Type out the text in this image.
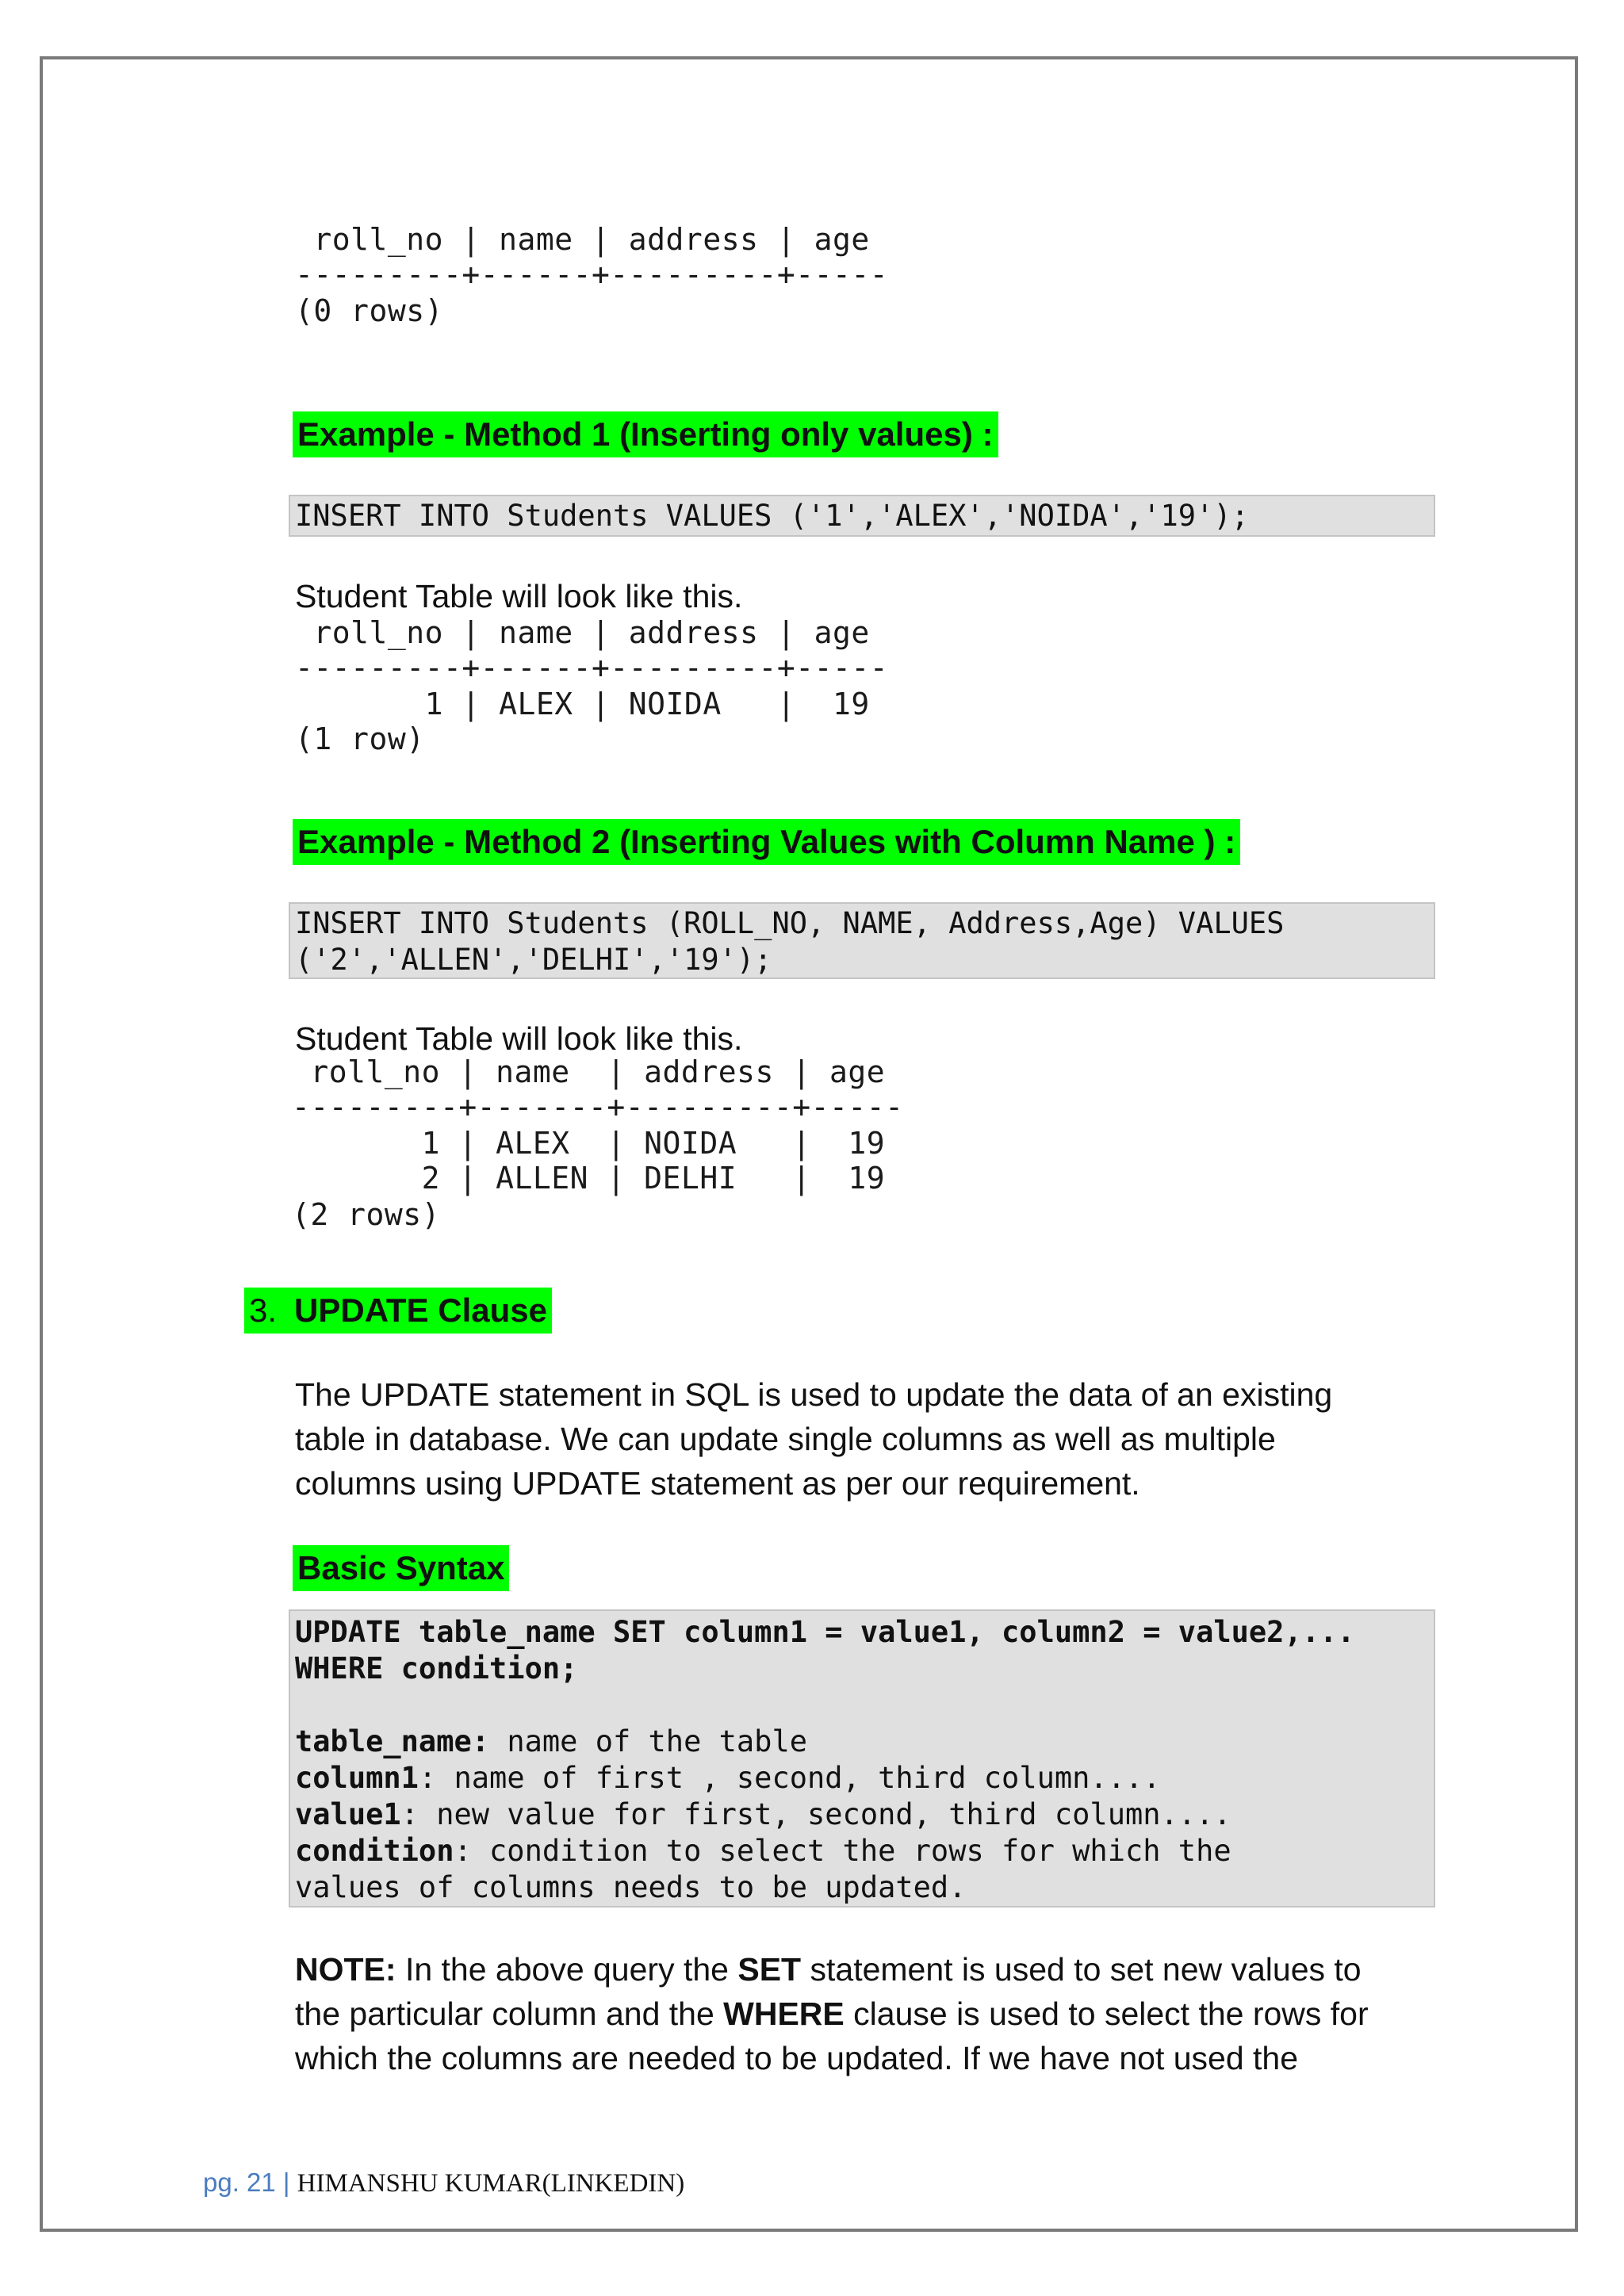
roll_no | name | address | age
---------+------+---------+-----
(0 rows)
Example - Method 1 (Inserting only values) :
INSERT INTO Students VALUES ('1','ALEX','NOIDA','19');
Student Table will look like this.
roll_no | name | address | age
---------+------+---------+-----
1 | ALEX | NOIDA   |  19
(1 row)
Example - Method 2 (Inserting Values with Column Name ) :
INSERT INTO Students (ROLL_NO, NAME, Address,Age) VALUES
('2','ALLEN','DELHI','19');
Student Table will look like this.
roll_no | name  | address | age
---------+-------+---------+-----
1 | ALEX  | NOIDA   |  19
2 | ALLEN | DELHI   |  19
(2 rows)
3. UPDATE Clause
The UPDATE statement in SQL is used to update the data of an existing
table in database. We can update single columns as well as multiple
columns using UPDATE statement as per our requirement.
Basic Syntax
UPDATE table_name SET column1 = value1, column2 = value2,...
WHERE condition;
table_name: name of the table
column1: name of first , second, third column....
value1: new value for first, second, third column....
condition: condition to select the rows for which the
values of columns needs to be updated.
NOTE: In the above query the SET statement is used to set new values to
the particular column and the WHERE clause is used to select the rows for
which the columns are needed to be updated. If we have not used the
pg. 21 | HIMANSHU KUMAR(LINKEDIN)
